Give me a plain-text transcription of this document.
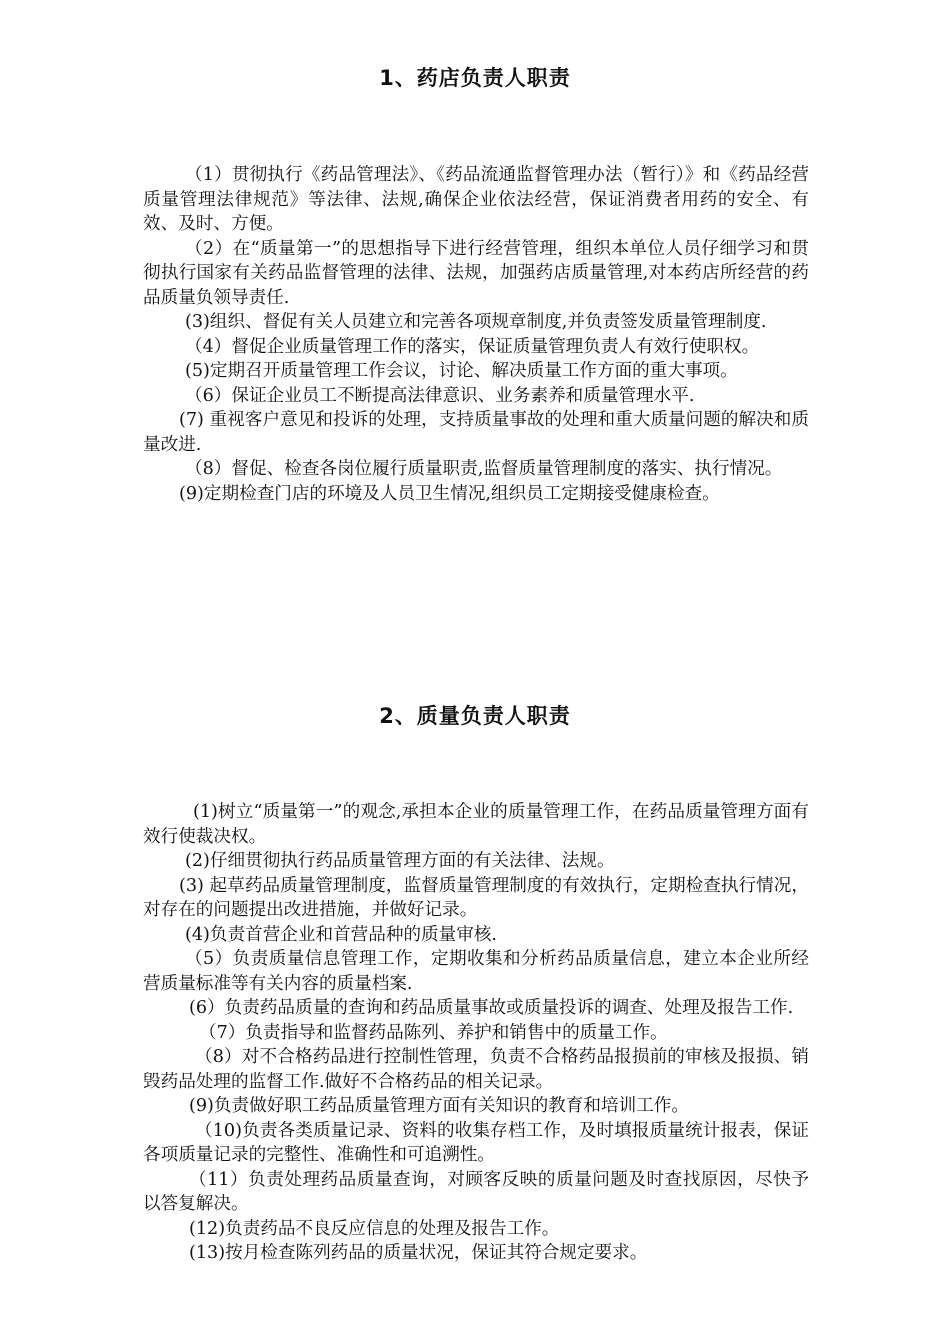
1、药店负责人职责

（1）贯彻执行《药品管理法》、《药品流通监督管理办法（暂行）》和《药品经营质量管理法律规范》等法律、法规,确保企业依法经营，保证消费者用药的安全、有效、及时、方便。

（2）在“质量第一”的思想指导下进行经营管理，组织本单位人员仔细学习和贯彻执行国家有关药品监督管理的法律、法规，加强药店质量管理,对本药店所经营的药品质量负领导责任.

(3)组织、督促有关人员建立和完善各项规章制度,并负责签发质量管理制度.

（4）督促企业质量管理工作的落实，保证质量管理负责人有效行使职权。

(5)定期召开质量管理工作会议，讨论、解决质量工作方面的重大事项。

（6）保证企业员工不断提高法律意识、业务素养和质量管理水平.

(7) 重视客户意见和投诉的处理，支持质量事故的处理和重大质量问题的解决和质量改进.

（8）督促、检查各岗位履行质量职责,监督质量管理制度的落实、执行情况。

(9)定期检查门店的环境及人员卫生情况,组织员工定期接受健康检查。

2、质量负责人职责

(1)树立“质量第一”的观念,承担本企业的质量管理工作，在药品质量管理方面有效行使裁决权。

(2)仔细贯彻执行药品质量管理方面的有关法律、法规。

(3) 起草药品质量管理制度，监督质量管理制度的有效执行，定期检查执行情况，对存在的问题提出改进措施，并做好记录。

(4)负责首营企业和首营品种的质量审核.

（5）负责质量信息管理工作，定期收集和分析药品质量信息，建立本企业所经营质量标准等有关内容的质量档案.

(6）负责药品质量的查询和药品质量事故或质量投诉的调查、处理及报告工作.

（7）负责指导和监督药品陈列、养护和销售中的质量工作。

（8）对不合格药品进行控制性管理，负责不合格药品报损前的审核及报损、销毁药品处理的监督工作.做好不合格药品的相关记录。

(9)负责做好职工药品质量管理方面有关知识的教育和培训工作。

（10)负责各类质量记录、资料的收集存档工作，及时填报质量统计报表，保证各项质量记录的完整性、准确性和可追溯性。

（11）负责处理药品质量查询，对顾客反映的质量问题及时查找原因，尽快予以答复解决。

(12)负责药品不良反应信息的处理及报告工作。

(13)按月检查陈列药品的质量状况，保证其符合规定要求。
